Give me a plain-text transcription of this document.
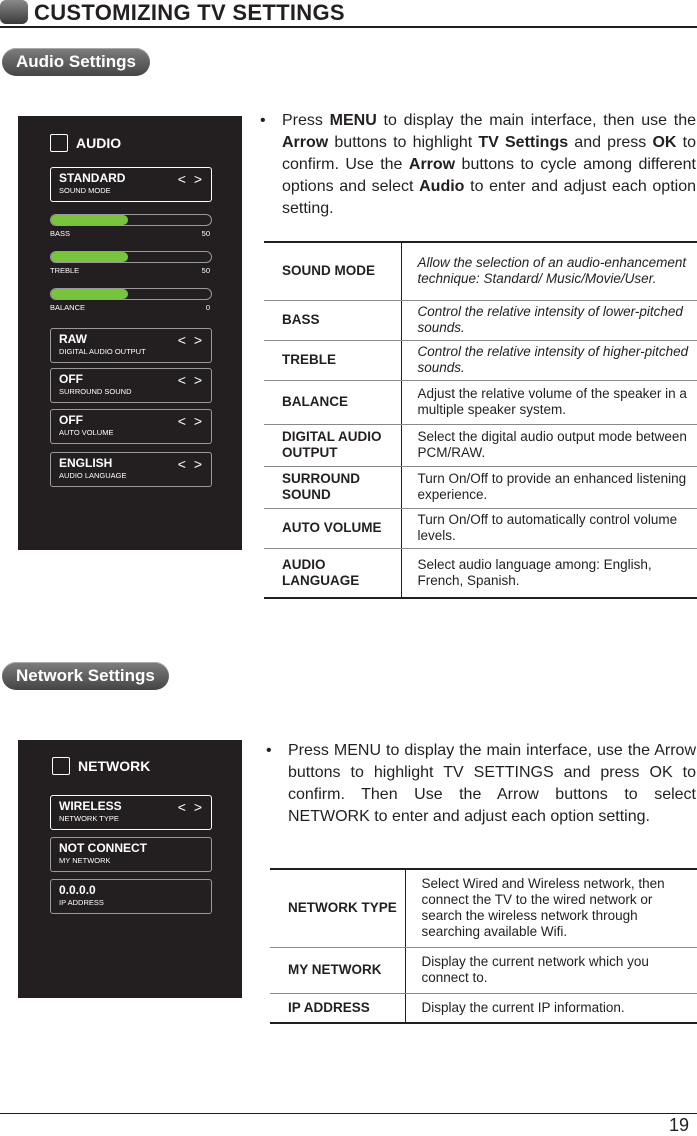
CUSTOMIZING TV SETTINGS
Audio Settings
AUDIO
STANDARD
SOUND MODE
< >
BASS	50
TREBLE	50
BALANCE	0
RAW
DIGITAL AUDIO OUTPUT
< >
OFF
SURROUND SOUND
< >
OFF
AUTO VOLUME
< >
ENGLISH
AUDIO LANGUAGE
< >
• Press MENU to display the main interface, then use the Arrow buttons to highlight TV Settings and press OK to confirm. Use the Arrow buttons to cycle among different options and select Audio to enter and adjust each option setting.
SOUND MODE	Allow the selection of an audio-enhancement technique: Standard/ Music/Movie/User.
BASS	Control the relative intensity of lower-pitched sounds.
TREBLE	Control the relative intensity of higher-pitched sounds.
BALANCE	Adjust the relative volume of the speaker in a multiple speaker system.
DIGITAL AUDIO OUTPUT	Select the digital audio output mode between PCM/RAW.
SURROUND SOUND	Turn On/Off to provide an enhanced listening experience.
AUTO VOLUME	Turn On/Off to automatically control volume levels.
AUDIO LANGUAGE	Select audio language among: English, French, Spanish.
Network Settings
NETWORK
WIRELESS
NETWORK TYPE
< >
NOT CONNECT
MY NETWORK
0.0.0.0
IP ADDRESS
• Press MENU to display the main interface, use the Arrow buttons to highlight TV SETTINGS and press OK to confirm. Then Use the Arrow buttons to select NETWORK to enter and adjust each option setting.
NETWORK TYPE	Select Wired and Wireless network, then connect the TV to the wired network or search the wireless network through searching available Wifi.
MY NETWORK	Display the current network which you connect to.
IP ADDRESS	Display the current IP information.
19
